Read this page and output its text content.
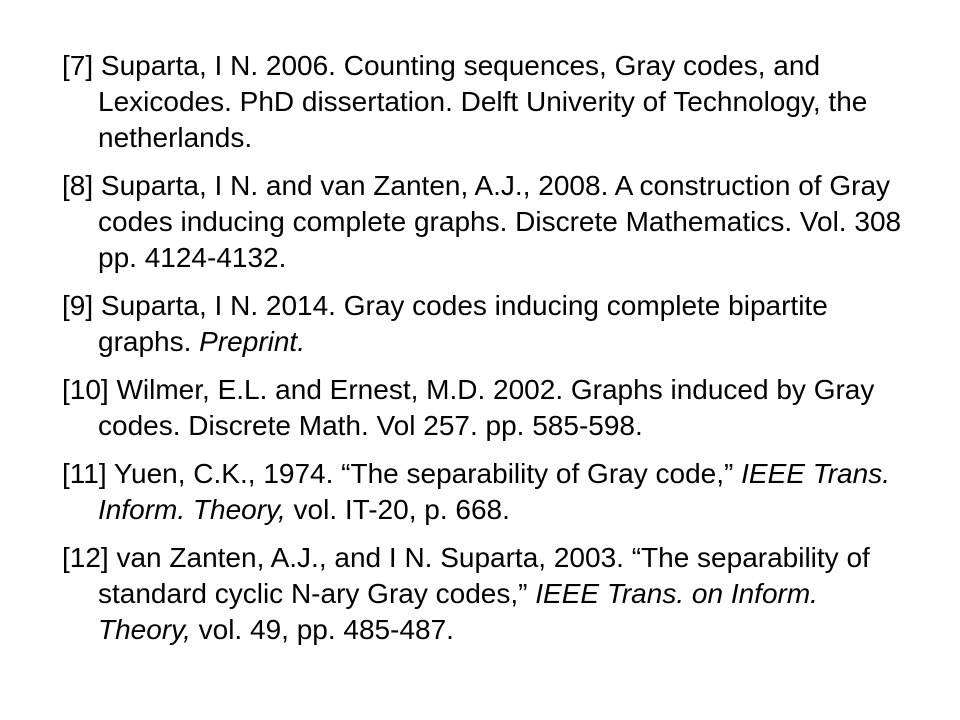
[7] Suparta, I N. 2006. Counting sequences, Gray codes, and Lexicodes. PhD dissertation. Delft Univerity of Technology, the netherlands.

[8] Suparta, I N. and van Zanten, A.J., 2008. A construction of Gray codes inducing complete graphs. Discrete Mathematics. Vol. 308 pp. 4124-4132.

[9] Suparta, I N. 2014. Gray codes inducing complete bipartite graphs. Preprint.

[10] Wilmer, E.L. and Ernest, M.D. 2002. Graphs induced by Gray codes. Discrete Math. Vol 257. pp. 585-598.

[11] Yuen, C.K., 1974. “The separability of Gray code,” IEEE Trans. Inform. Theory, vol. IT-20, p. 668.

[12] van Zanten, A.J., and I N. Suparta, 2003. “The separability of standard cyclic N-ary Gray codes,” IEEE Trans. on Inform. Theory, vol. 49, pp. 485-487.
